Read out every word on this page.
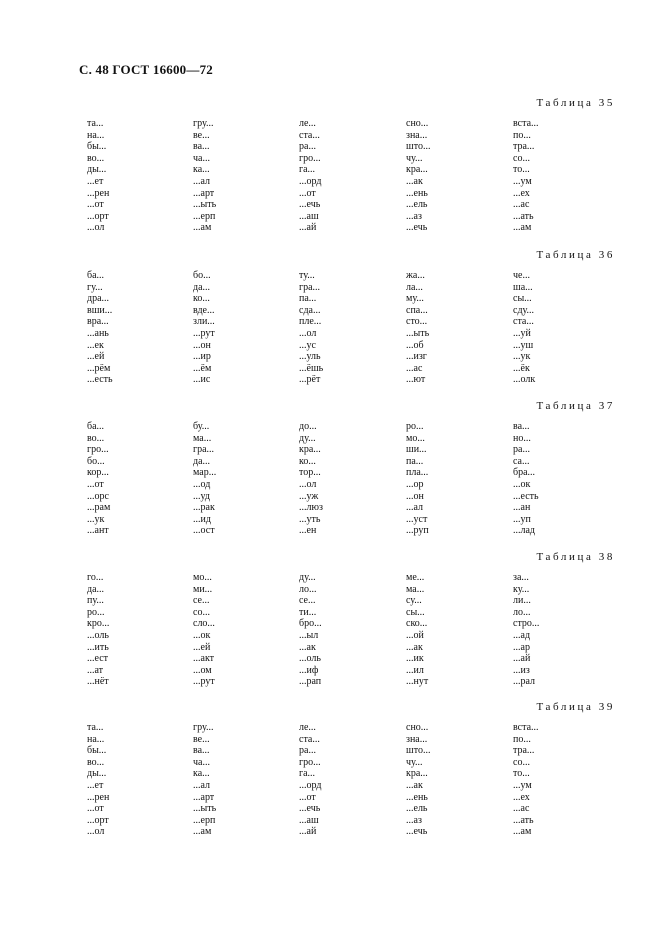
С. 48 ГОСТ 16600—72
Таблица 35
та...
на...
бы...
во...
ды...
...ет
...рен
...от
...орт
...ол
гру...
ве...
ва...
ча...
ка...
...ал
...арт
...ыть
...ерп
...ам
ле...
ста...
ра...
гро...
га...
...орд
...от
...ечь
...аш
...ай
сно...
зна...
што...
чу...
кра...
...ак
...ень
...ель
...аз
...ечь
вста...
по...
тра...
со...
то...
...ум
...ех
...ас
...ать
...ам
Таблица 36
ба...
гу...
дра...
вши...
вра...
...ань
...ек
...ей
...рём
...есть
бо...
да...
ко...
вде...
зли...
...рут
...он
...ир
...ём
...ис
ту...
гра...
па...
сда...
пле...
...ол
...ус
...уль
...ёшь
...рёт
жа...
ла...
му...
спа...
сто...
...ыть
...об
...изг
...ас
...ют
че...
ша...
сы...
сду...
ста...
...уй
...уш
...ук
...ёк
...олк
Таблица 37
ба...
во...
гро...
бо...
кор...
...от
...орс
...рам
...ук
...ант
бу...
ма...
гра...
да...
мар...
...од
...уд
...рак
...ид
...ост
до...
ду...
кра...
ко...
тор...
...ол
...уж
...люз
...уть
...ен
ро...
мо...
ши...
па...
пла...
...ор
...он
...ал
...уст
...руп
ва...
но...
ра...
са...
бра...
...ок
...есть
...ан
...уп
...лад
Таблица 38
го...
да...
пу...
ро...
кро...
...оль
...ить
...ест
...ат
...нёт
мо...
ми...
се...
со...
сло...
...ок
...ей
...акт
...ом
...рут
ду...
ло...
се...
ти...
бро...
...ыл
...ак
...оль
...иф
...рап
ме...
ма...
су...
сы...
ско...
...ой
...ак
...ик
...ил
...нут
за...
ку...
ли...
ло...
стро...
...ад
...ар
...ай
...из
...рал
Таблица 39
та...
на...
бы...
во...
ды...
...ет
...рен
...от
...орт
...ол
гру...
ве...
ва...
ча...
ка...
...ал
...арт
...ыть
...ерп
...ам
ле...
ста...
ра...
гро...
га...
...орд
...от
...ечь
...аш
...ай
сно...
зна...
што...
чу...
кра...
...ак
...ень
...ель
...аз
...ечь
вста...
по...
тра...
со...
то...
...ум
...ех
...ас
...ать
...ам
